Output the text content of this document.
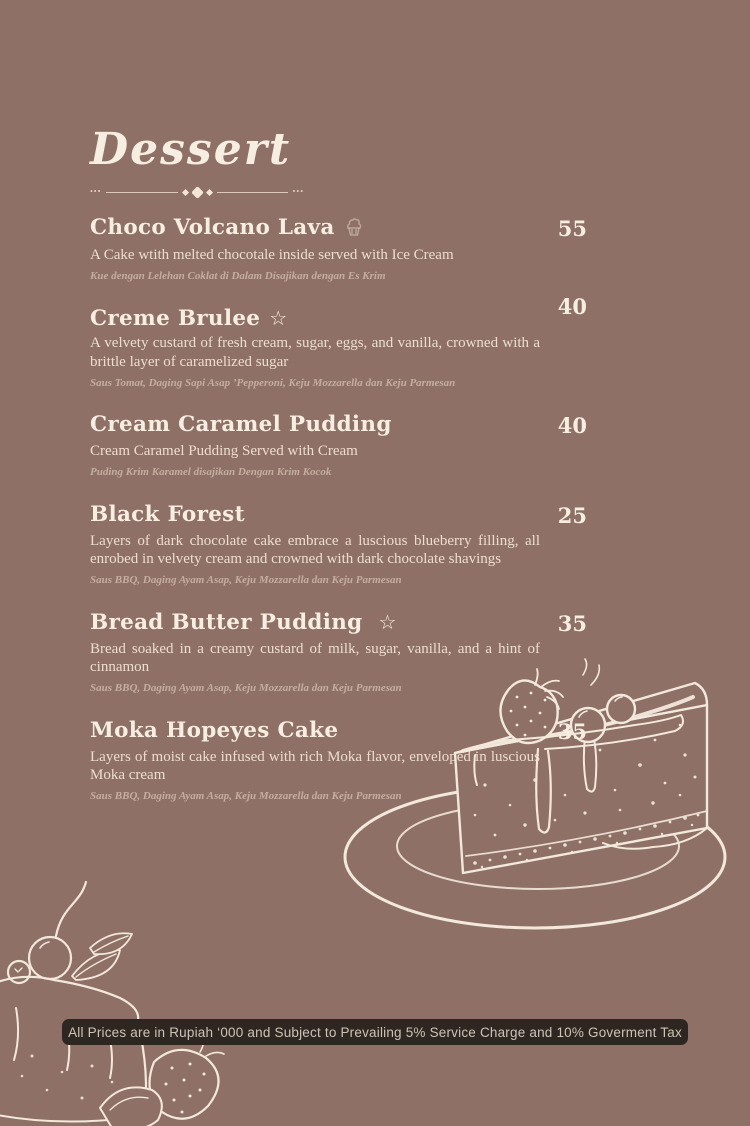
Dessert
•••	•••
Choco Volcano Lava	55
A Cake wtith melted chocotale inside served with Ice Cream
Kue dengan Lelehan Coklat di Dalam Disajikan dengan Es Krim
Creme Brulee ☆	40
A velvety custard of fresh cream, sugar, eggs, and vanilla, crowned with a brittle layer of caramelized sugar
Saus Tomat, Daging Sapi Asap ’Pepperoni, Keju Mozzarella dan Keju Parmesan
Cream Caramel Pudding	40
Cream Caramel Pudding Served with Cream
Puding Krim Karamel disajikan Dengan Krim Kocok
Black Forest	25
Layers of dark chocolate cake embrace a luscious blueberry filling, all enrobed in velvety cream and crowned with dark chocolate shavings
Saus BBQ, Daging Ayam Asap, Keju Mozzarella dan Keju Parmesan
Bread Butter Pudding ☆	35
Bread soaked in a creamy custard of milk, sugar, vanilla, and a hint of cinnamon
Saus BBQ, Daging Ayam Asap, Keju Mozzarella dan Keju Parmesan
Moka Hopeyes Cake	35
Layers of moist cake infused with rich Moka flavor, enveloped in luscious Moka cream
Saus BBQ, Daging Ayam Asap, Keju Mozzarella dan Keju Parmesan
All Prices are in Rupiah ‘000 and Subject to Prevailing 5% Service Charge and 10% Goverment Tax
